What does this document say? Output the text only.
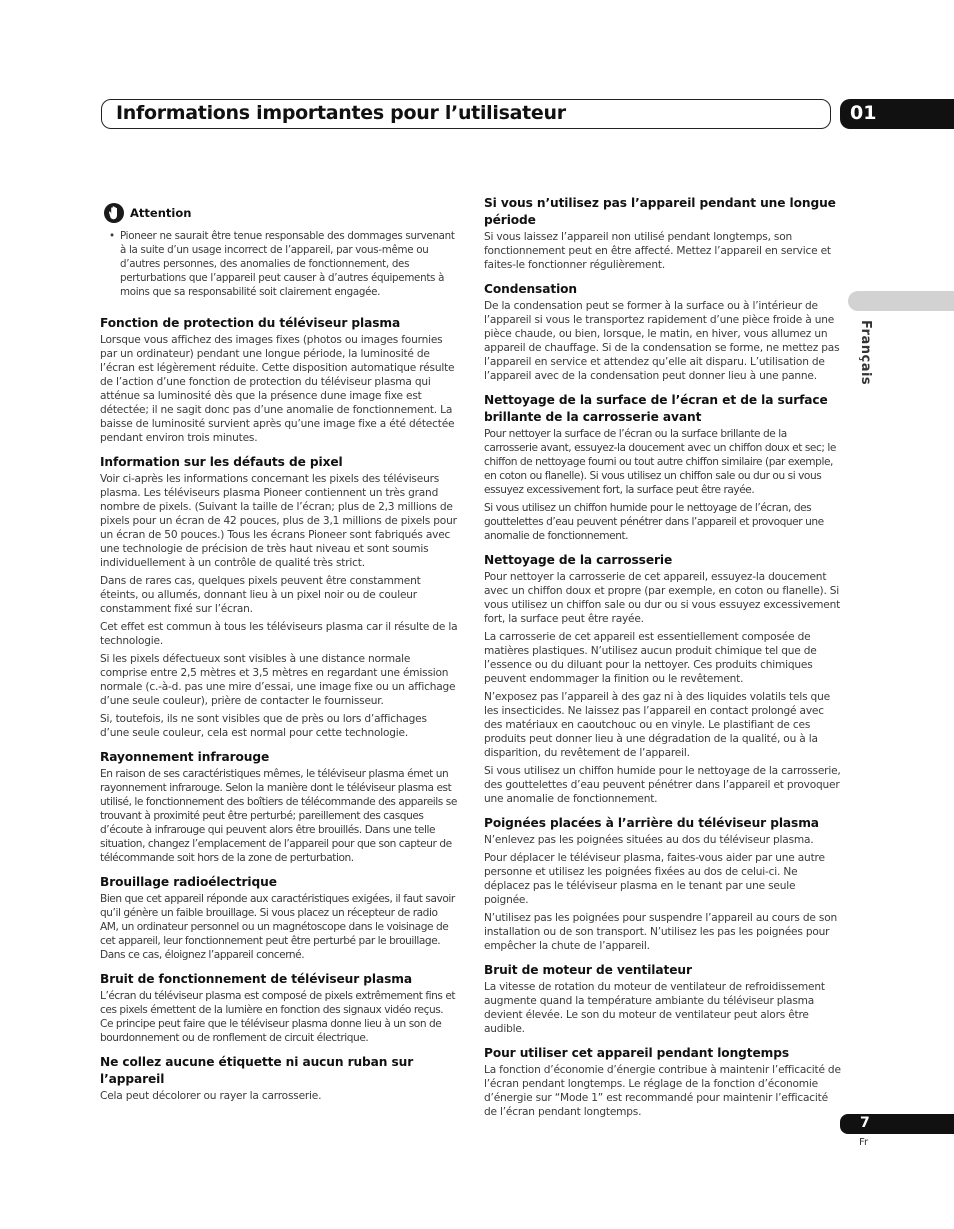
Informations importantes pour l’utilisateur	01
Français
Attention
• Pioneer ne saurait être tenue responsable des dommages survenant à la suite d’un usage incorrect de l’appareil, par vous-même ou d’autres personnes, des anomalies de fonctionnement, des perturbations que l’appareil peut causer à d’autres équipements à moins que sa responsabilité soit clairement engagée.
Fonction de protection du téléviseur plasma

Lorsque vous affichez des images fixes (photos ou images fournies par un ordinateur) pendant une longue période, la luminosité de l’écran est légèrement réduite. Cette disposition automatique résulte de l’action d’une fonction de protection du téléviseur plasma qui atténue sa luminosité dès que la présence dune image fixe est détectée; il ne sagit donc pas d’une anomalie de fonctionnement. La baisse de luminosité survient après qu’une image fixe a été détectée pendant environ trois minutes.

Information sur les défauts de pixel

Voir ci-après les informations concernant les pixels des téléviseurs plasma. Les téléviseurs plasma Pioneer contiennent un très grand nombre de pixels. (Suivant la taille de l’écran; plus de 2,3 millions de pixels pour un écran de 42 pouces, plus de 3,1 millions de pixels pour un écran de 50 pouces.) Tous les écrans Pioneer sont fabriqués avec une technologie de précision de très haut niveau et sont soumis individuellement à un contrôle de qualité très strict.

Dans de rares cas, quelques pixels peuvent être constamment éteints, ou allumés, donnant lieu à un pixel noir ou de couleur constamment fixé sur l’écran.

Cet effet est commun à tous les téléviseurs plasma car il résulte de la technologie.

Si les pixels défectueux sont visibles à une distance normale comprise entre 2,5 mètres et 3,5 mètres en regardant une émission normale (c.-à-d. pas une mire d’essai, une image fixe ou un affichage d’une seule couleur), prière de contacter le fournisseur.

Si, toutefois, ils ne sont visibles que de près ou lors d’affichages d’une seule couleur, cela est normal pour cette technologie.

Rayonnement infrarouge

En raison de ses caractéristiques mêmes, le téléviseur plasma émet un rayonnement infrarouge. Selon la manière dont le téléviseur plasma est utilisé, le fonctionnement des boîtiers de télécommande des appareils se trouvant à proximité peut être perturbé; pareillement des casques d’écoute à infrarouge qui peuvent alors être brouillés. Dans une telle situation, changez l’emplacement de l’appareil pour que son capteur de télécommande soit hors de la zone de perturbation.

Brouillage radioélectrique

Bien que cet appareil réponde aux caractéristiques exigées, il faut savoir qu’il génère un faible brouillage. Si vous placez un récepteur de radio AM, un ordinateur personnel ou un magnétoscope dans le voisinage de cet appareil, leur fonctionnement peut être perturbé par le brouillage. Dans ce cas, éloignez l’appareil concerné.

Bruit de fonctionnement de téléviseur plasma

L’écran du téléviseur plasma est composé de pixels extrêmement fins et ces pixels émettent de la lumière en fonction des signaux vidéo reçus. Ce principe peut faire que le téléviseur plasma donne lieu à un son de bourdonnement ou de ronflement de circuit électrique.

Ne collez aucune étiquette ni aucun ruban sur l’appareil

Cela peut décolorer ou rayer la carrosserie.

Si vous n’utilisez pas l’appareil pendant une longue période

Si vous laissez l’appareil non utilisé pendant longtemps, son fonctionnement peut en être affecté. Mettez l’appareil en service et faites-le fonctionner régulièrement.

Condensation

De la condensation peut se former à la surface ou à l’intérieur de l’appareil si vous le transportez rapidement d’une pièce froide à une pièce chaude, ou bien, lorsque, le matin, en hiver, vous allumez un appareil de chauffage. Si de la condensation se forme, ne mettez pas l’appareil en service et attendez qu’elle ait disparu. L’utilisation de l’appareil avec de la condensation peut donner lieu à une panne.

Nettoyage de la surface de l’écran et de la surface brillante de la carrosserie avant

Pour nettoyer la surface de l’écran ou la surface brillante de la carrosserie avant, essuyez-la doucement avec un chiffon doux et sec; le chiffon de nettoyage fourni ou tout autre chiffon similaire (par exemple, en coton ou flanelle). Si vous utilisez un chiffon sale ou dur ou si vous essuyez excessivement fort, la surface peut être rayée.

Si vous utilisez un chiffon humide pour le nettoyage de l’écran, des gouttelettes d’eau peuvent pénétrer dans l’appareil et provoquer une anomalie de fonctionnement.

Nettoyage de la carrosserie

Pour nettoyer la carrosserie de cet appareil, essuyez-la doucement avec un chiffon doux et propre (par exemple, en coton ou flanelle). Si vous utilisez un chiffon sale ou dur ou si vous essuyez excessivement fort, la surface peut être rayée.

La carrosserie de cet appareil est essentiellement composée de matières plastiques. N’utilisez aucun produit chimique tel que de l’essence ou du diluant pour la nettoyer. Ces produits chimiques peuvent endommager la finition ou le revêtement.

N’exposez pas l’appareil à des gaz ni à des liquides volatils tels que les insecticides. Ne laissez pas l’appareil en contact prolongé avec des matériaux en caoutchouc ou en vinyle. Le plastifiant de ces produits peut donner lieu à une dégradation de la qualité, ou à la disparition, du revêtement de l’appareil.

Si vous utilisez un chiffon humide pour le nettoyage de la carrosserie, des gouttelettes d’eau peuvent pénétrer dans l’appareil et provoquer une anomalie de fonctionnement.

Poignées placées à l’arrière du téléviseur plasma

N’enlevez pas les poignées situées au dos du téléviseur plasma.

Pour déplacer le téléviseur plasma, faites-vous aider par une autre personne et utilisez les poignées fixées au dos de celui-ci. Ne déplacez pas le téléviseur plasma en le tenant par une seule poignée.

N’utilisez pas les poignées pour suspendre l’appareil au cours de son installation ou de son transport. N’utilisez les pas les poignées pour empêcher la chute de l’appareil.

Bruit de moteur de ventilateur

La vitesse de rotation du moteur de ventilateur de refroidissement augmente quand la température ambiante du téléviseur plasma devient élevée. Le son du moteur de ventilateur peut alors être audible.

Pour utiliser cet appareil pendant longtemps

La fonction d’économie d’énergie contribue à maintenir l’efficacité de l’écran pendant longtemps. Le réglage de la fonction d’économie d’énergie sur “Mode 1” est recommandé pour maintenir l’efficacité de l’écran pendant longtemps.

7
Fr
